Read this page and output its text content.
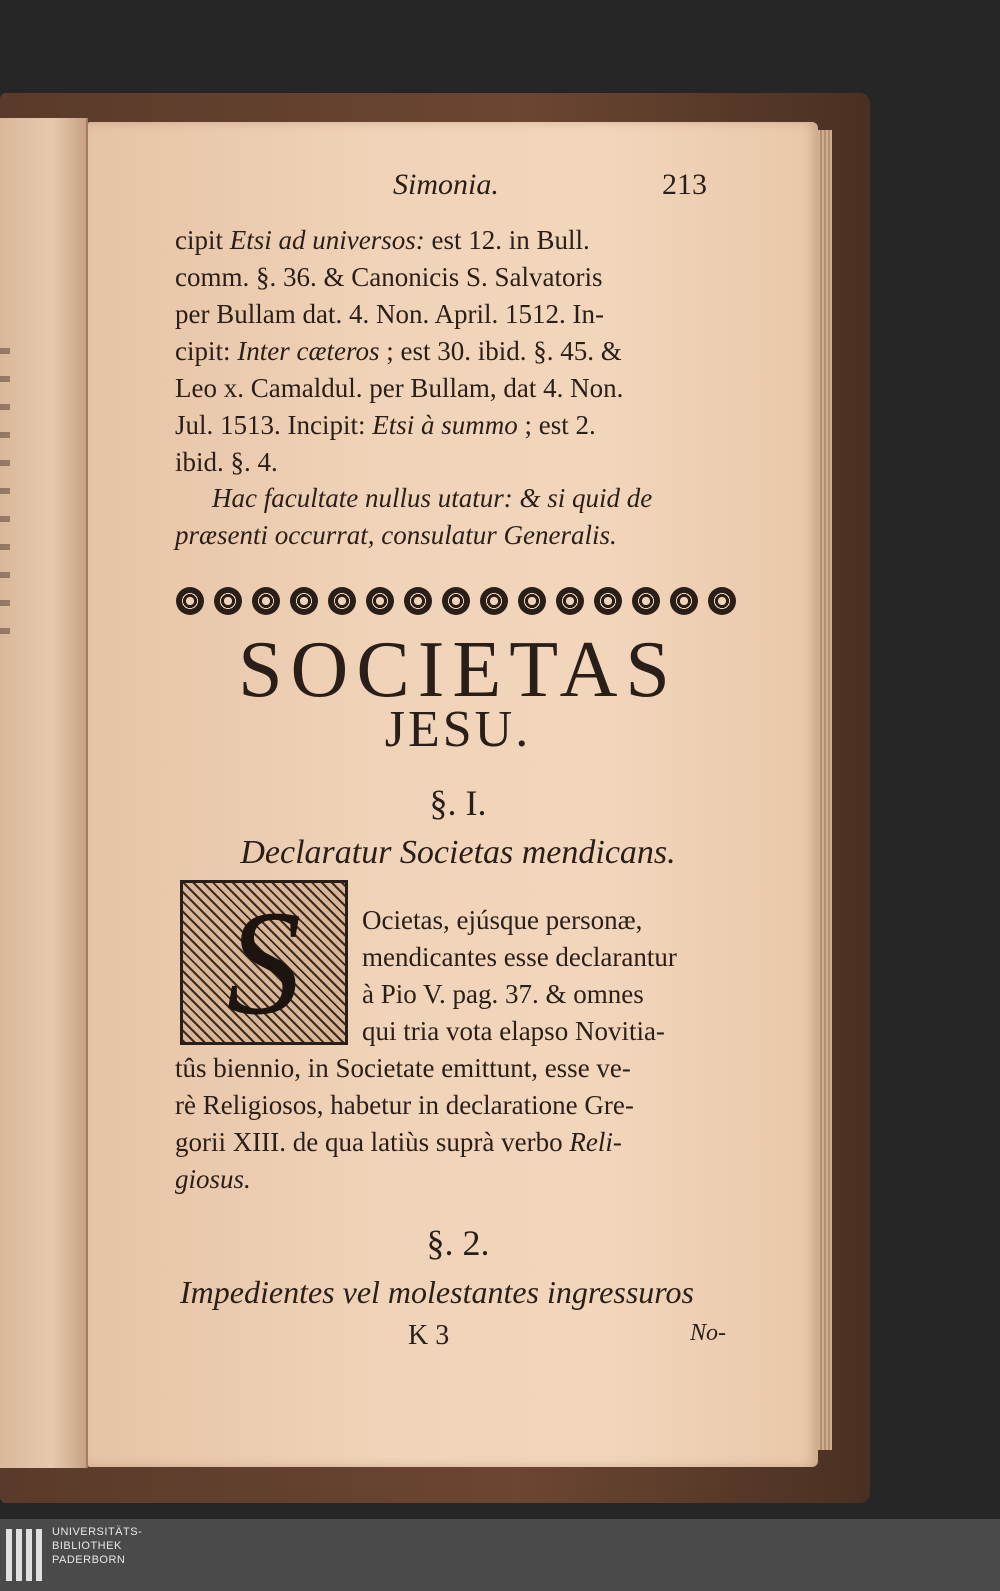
Simonia.	213
cipit Etsi ad universos: est 12. in Bull.
comm. §. 36. & Canonicis S. Salvatoris
per Bullam dat. 4. Non. April. 1512. In-
cipit: Inter cæteros ; est 30. ibid. §. 45. &
Leo x. Camaldul. per Bullam, dat 4. Non.
Jul. 1513. Incipit: Etsi à summo ; est 2.
ibid. §. 4.
Hac facultate nullus utatur: & si quid de
præsenti occurrat, consulatur Generalis.
SOCIETAS
JESU.
§. I.
Declaratur Societas mendicans.
S Ocietas, ejúsque personæ,
mendicantes esse declarantur
à Pio V. pag. 37. & omnes
qui tria vota elapso Novitia-
tûs biennio, in Societate emittunt, esse ve-
rè Religiosos, habetur in declaratione Gre-
gorii XIII. de qua latiùs suprà verbo Reli-
giosus.
§. 2.
Impedientes vel molestantes ingressuros
K 3	No-
UNIVERSITÄTS-
BIBLIOTHEK
PADERBORN
